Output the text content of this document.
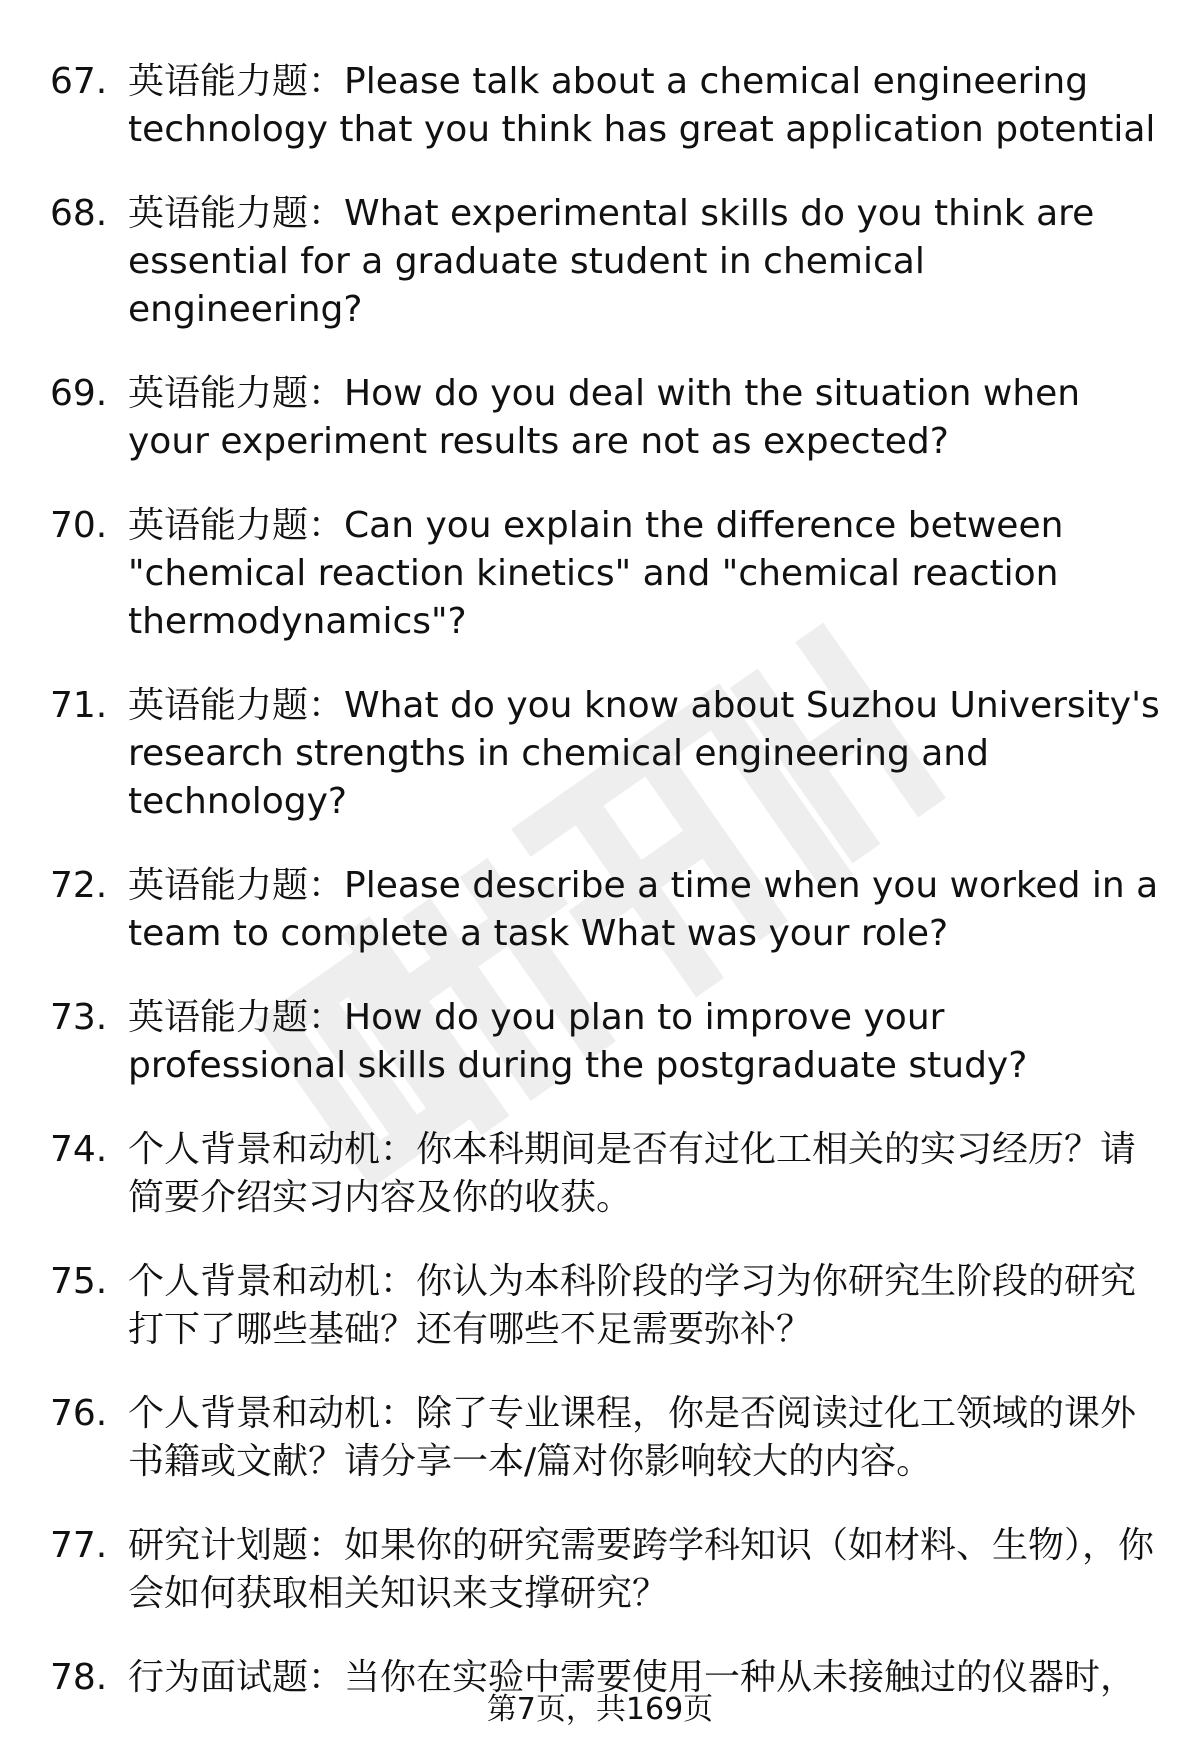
67. 英语能力题：Please talk about a chemical engineering technology that you think has great application potential
68. 英语能力题：What experimental skills do you think are essential for a graduate student in chemical engineering?
69. 英语能力题：How do you deal with the situation when your experiment results are not as expected?
70. 英语能力题：Can you explain the difference between "chemical reaction kinetics" and "chemical reaction thermodynamics"?
71. 英语能力题：What do you know about Suzhou University's research strengths in chemical engineering and technology?
72. 英语能力题：Please describe a time when you worked in a team to complete a task What was your role?
73. 英语能力题：How do you plan to improve your professional skills during the postgraduate study?
74. 个人背景和动机：你本科期间是否有过化工相关的实习经历？请简要介绍实习内容及你的收获。
75. 个人背景和动机：你认为本科阶段的学习为你研究生阶段的研究打下了哪些基础？还有哪些不足需要弥补？
76. 个人背景和动机：除了专业课程，你是否阅读过化工领域的课外书籍或文献？请分享一本/篇对你影响较大的内容。
77. 研究计划题：如果你的研究需要跨学科知识（如材料、生物），你会如何获取相关知识来支撑研究？
78. 行为面试题：当你在实验中需要使用一种从未接触过的仪器时，
第7页，共169页
